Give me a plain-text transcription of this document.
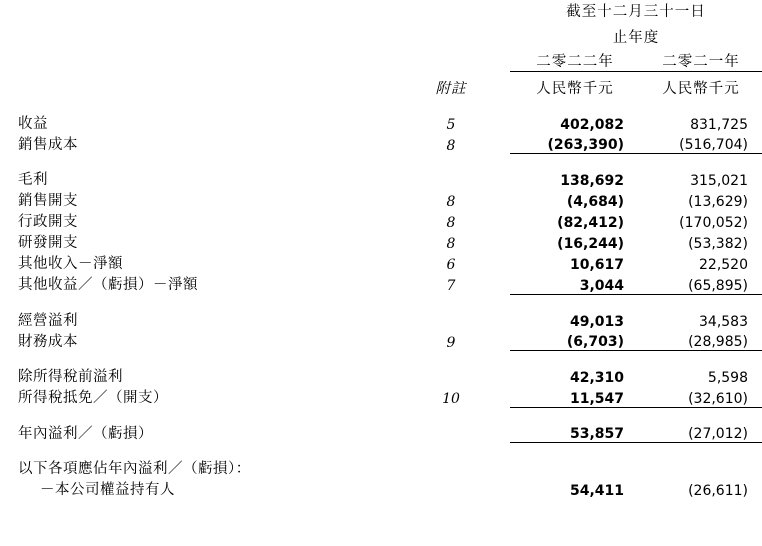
		截至十二月三十一日	
		止年度	
		二零二二年	二零二一年
	附註	人民幣千元	人民幣千元

收益	5	402,082	831,725
銷售成本	8	(263,390)	(516,704)

毛利		138,692	315,021
銷售開支	8	(4,684)	(13,629)
行政開支	8	(82,412)	(170,052)
研發開支	8	(16,244)	(53,382)
其他收入－淨額	6	10,617	22,520
其他收益／（虧損）－淨額	7	3,044	(65,895)

經營溢利		49,013	34,583
財務成本	9	(6,703)	(28,985)

除所得稅前溢利		42,310	5,598
所得稅抵免／（開支）	10	11,547	(32,610)

年內溢利／（虧損）		53,857	(27,012)

以下各項應佔年內溢利／（虧損）：			
－本公司權益持有人		54,411	(26,611)
